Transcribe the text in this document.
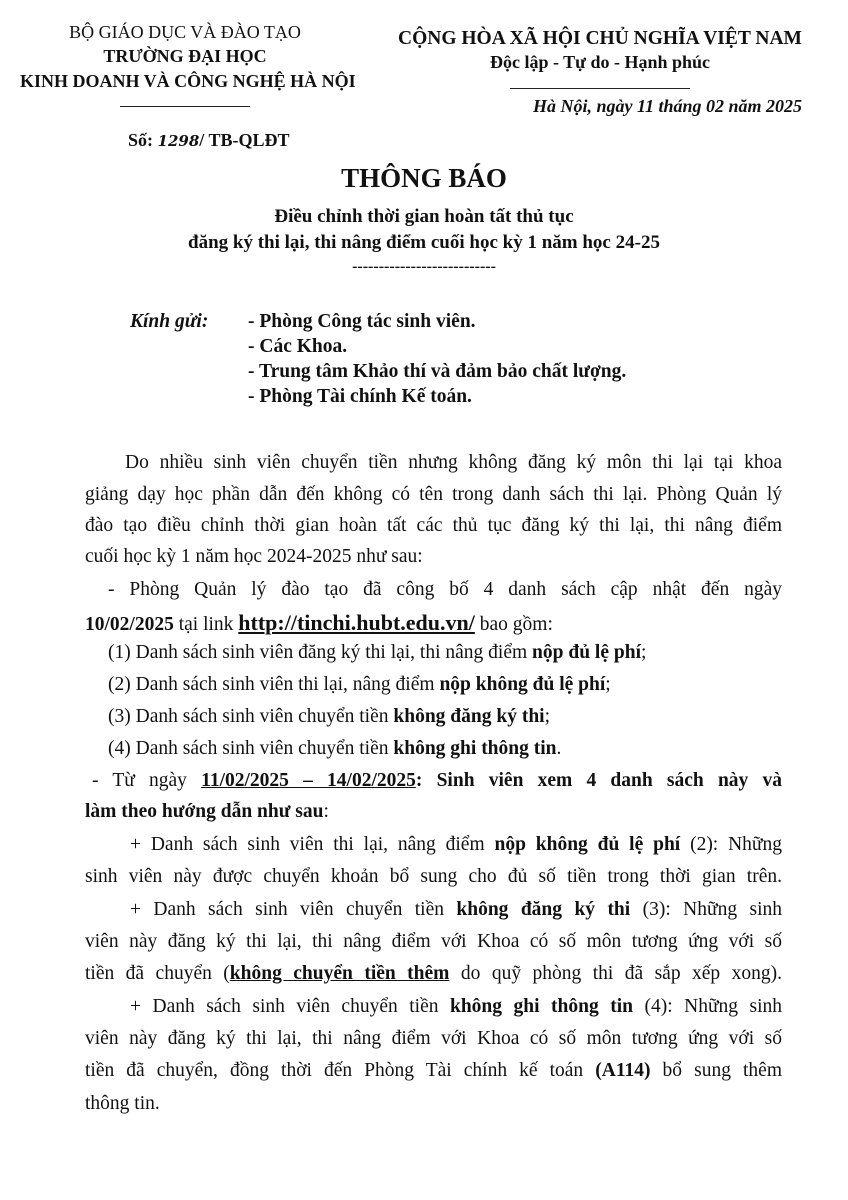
BỘ GIÁO DỤC VÀ ĐÀO TẠO
TRƯỜNG ĐẠI HỌC
KINH DOANH VÀ CÔNG NGHỆ HÀ NỘI
CỘNG HÒA XÃ HỘI CHỦ NGHĨA VIỆT NAM
Độc lập - Tự do - Hạnh phúc
Hà Nội, ngày 11 tháng 02 năm 2025
Số: 1298/ TB-QLĐT
THÔNG BÁO
Điều chỉnh thời gian hoàn tất thủ tục
đăng ký thi lại, thi nâng điểm cuối học kỳ 1 năm học 24-25
---------------------------
Kính gửi: - Phòng Công tác sinh viên.
- Các Khoa.
- Trung tâm Khảo thí và đảm bảo chất lượng.
- Phòng Tài chính Kế toán.
Do nhiều sinh viên chuyển tiền nhưng không đăng ký môn thi lại tại khoa
giảng dạy học phần dẫn đến không có tên trong danh sách thi lại. Phòng Quản lý
đào tạo điều chỉnh thời gian hoàn tất các thủ tục đăng ký thi lại, thi nâng điểm
cuối học kỳ 1 năm học 2024-2025 như sau:
- Phòng Quản lý đào tạo đã công bố 4 danh sách cập nhật đến ngày
10/02/2025 tại link http://tinchi.hubt.edu.vn/ bao gồm:
(1) Danh sách sinh viên đăng ký thi lại, thi nâng điểm nộp đủ lệ phí;
(2) Danh sách sinh viên thi lại, nâng điểm nộp không đủ lệ phí;
(3) Danh sách sinh viên chuyển tiền không đăng ký thi;
(4) Danh sách sinh viên chuyển tiền không ghi thông tin.
- Từ ngày 11/02/2025 – 14/02/2025: Sinh viên xem 4 danh sách này và
làm theo hướng dẫn như sau:
+ Danh sách sinh viên thi lại, nâng điểm nộp không đủ lệ phí (2): Những
sinh viên này được chuyển khoản bổ sung cho đủ số tiền trong thời gian trên.
+ Danh sách sinh viên chuyển tiền không đăng ký thi (3): Những sinh
viên này đăng ký thi lại, thi nâng điểm với Khoa có số môn tương ứng với số
tiền đã chuyển (không chuyển tiền thêm do quỹ phòng thi đã sắp xếp xong).
+ Danh sách sinh viên chuyển tiền không ghi thông tin (4): Những sinh
viên này đăng ký thi lại, thi nâng điểm với Khoa có số môn tương ứng với số
tiền đã chuyển, đồng thời đến Phòng Tài chính kế toán (A114) bổ sung thêm
thông tin.
